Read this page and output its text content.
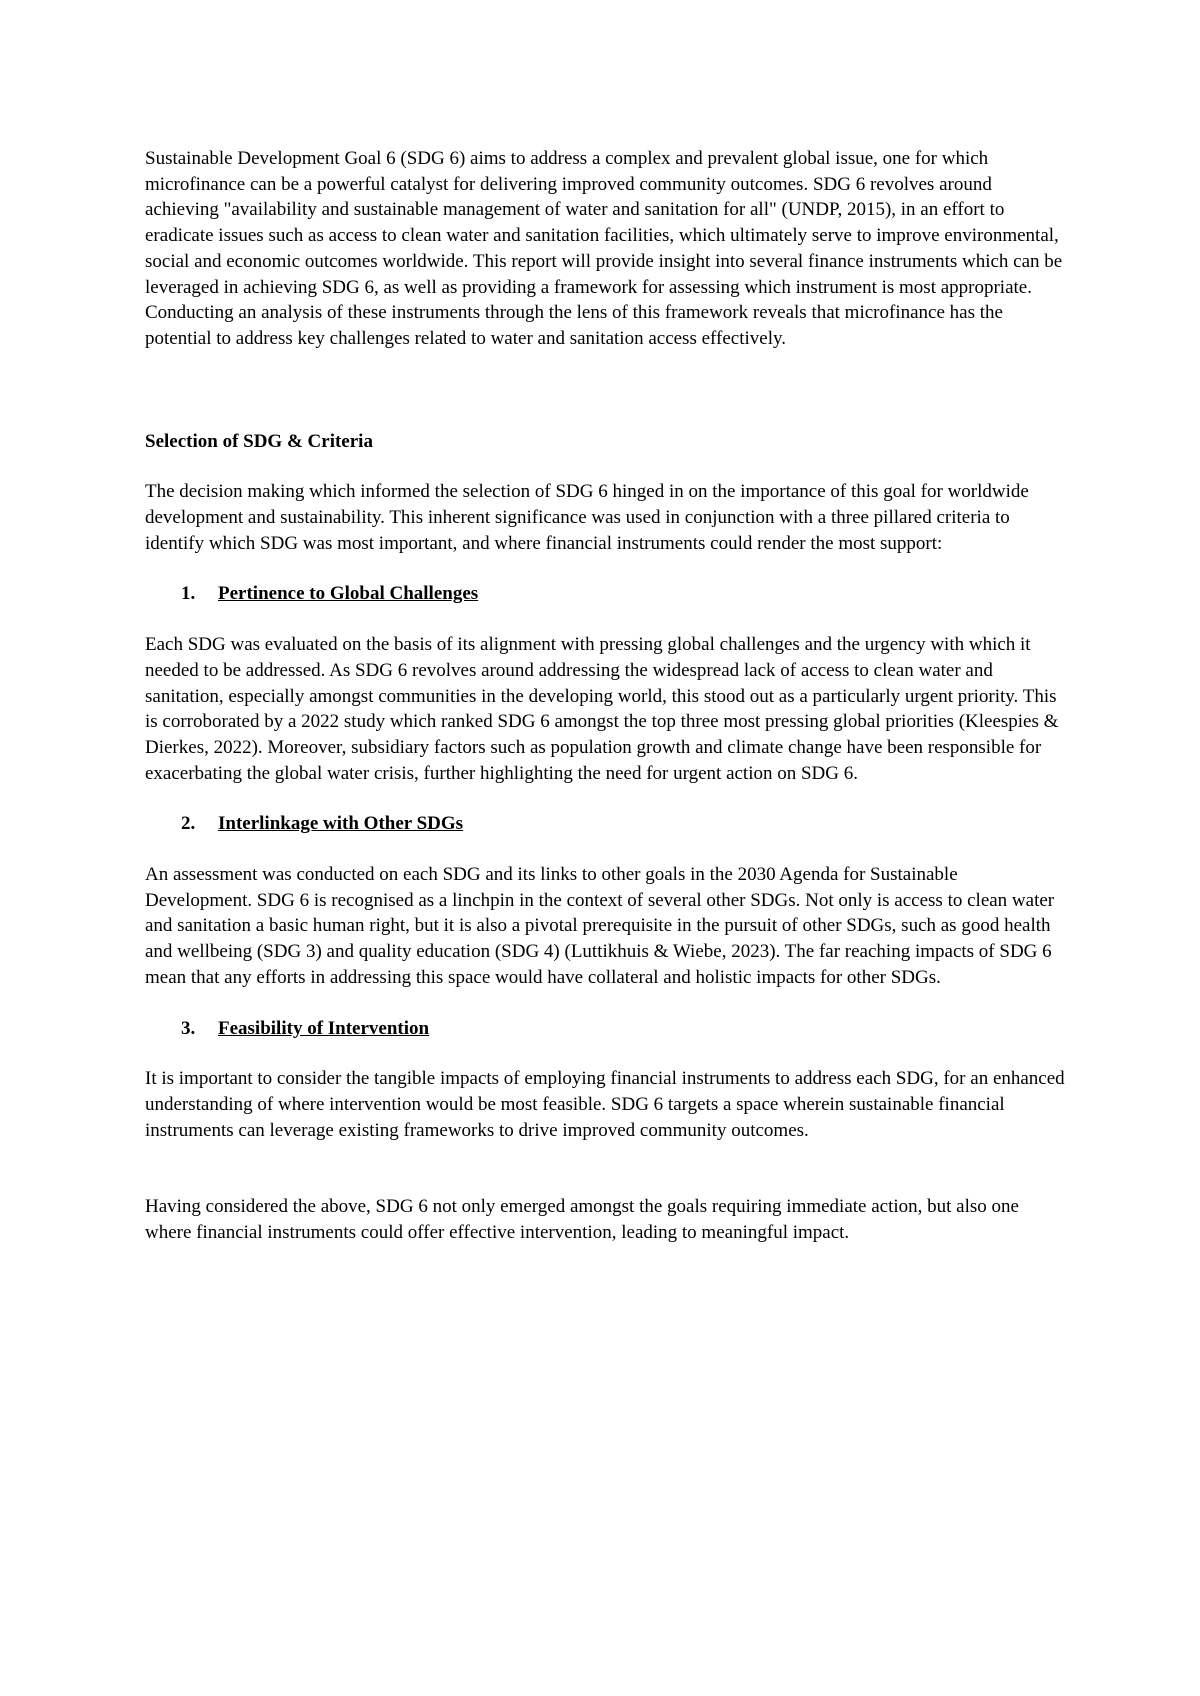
Sustainable Development Goal 6 (SDG 6) aims to address a complex and prevalent global issue, one for which microfinance can be a powerful catalyst for delivering improved community outcomes. SDG 6 revolves around achieving "availability and sustainable management of water and sanitation for all" (UNDP, 2015), in an effort to eradicate issues such as access to clean water and sanitation facilities, which ultimately serve to improve environmental, social and economic outcomes worldwide. This report will provide insight into several finance instruments which can be leveraged in achieving SDG 6, as well as providing a framework for assessing which instrument is most appropriate. Conducting an analysis of these instruments through the lens of this framework reveals that microfinance has the potential to address key challenges related to water and sanitation access effectively.

Selection of SDG & Criteria

The decision making which informed the selection of SDG 6 hinged in on the importance of this goal for worldwide development and sustainability. This inherent significance was used in conjunction with a three pillared criteria to identify which SDG was most important, and where financial instruments could render the most support:

1.	Pertinence to Global Challenges

Each SDG was evaluated on the basis of its alignment with pressing global challenges and the urgency with which it needed to be addressed. As SDG 6 revolves around addressing the widespread lack of access to clean water and sanitation, especially amongst communities in the developing world, this stood out as a particularly urgent priority. This is corroborated by a 2022 study which ranked SDG 6 amongst the top three most pressing global priorities (Kleespies & Dierkes, 2022). Moreover, subsidiary factors such as population growth and climate change have been responsible for exacerbating the global water crisis, further highlighting the need for urgent action on SDG 6.

2.	Interlinkage with Other SDGs

An assessment was conducted on each SDG and its links to other goals in the 2030 Agenda for Sustainable Development. SDG 6 is recognised as a linchpin in the context of several other SDGs. Not only is access to clean water and sanitation a basic human right, but it is also a pivotal prerequisite in the pursuit of other SDGs, such as good health and wellbeing (SDG 3) and quality education (SDG 4) (Luttikhuis & Wiebe, 2023). The far reaching impacts of SDG 6 mean that any efforts in addressing this space would have collateral and holistic impacts for other SDGs.

3.	Feasibility of Intervention

It is important to consider the tangible impacts of employing financial instruments to address each SDG, for an enhanced understanding of where intervention would be most feasible. SDG 6 targets a space wherein sustainable financial instruments can leverage existing frameworks to drive improved community outcomes.

Having considered the above, SDG 6 not only emerged amongst the goals requiring immediate action, but also one where financial instruments could offer effective intervention, leading to meaningful impact.
